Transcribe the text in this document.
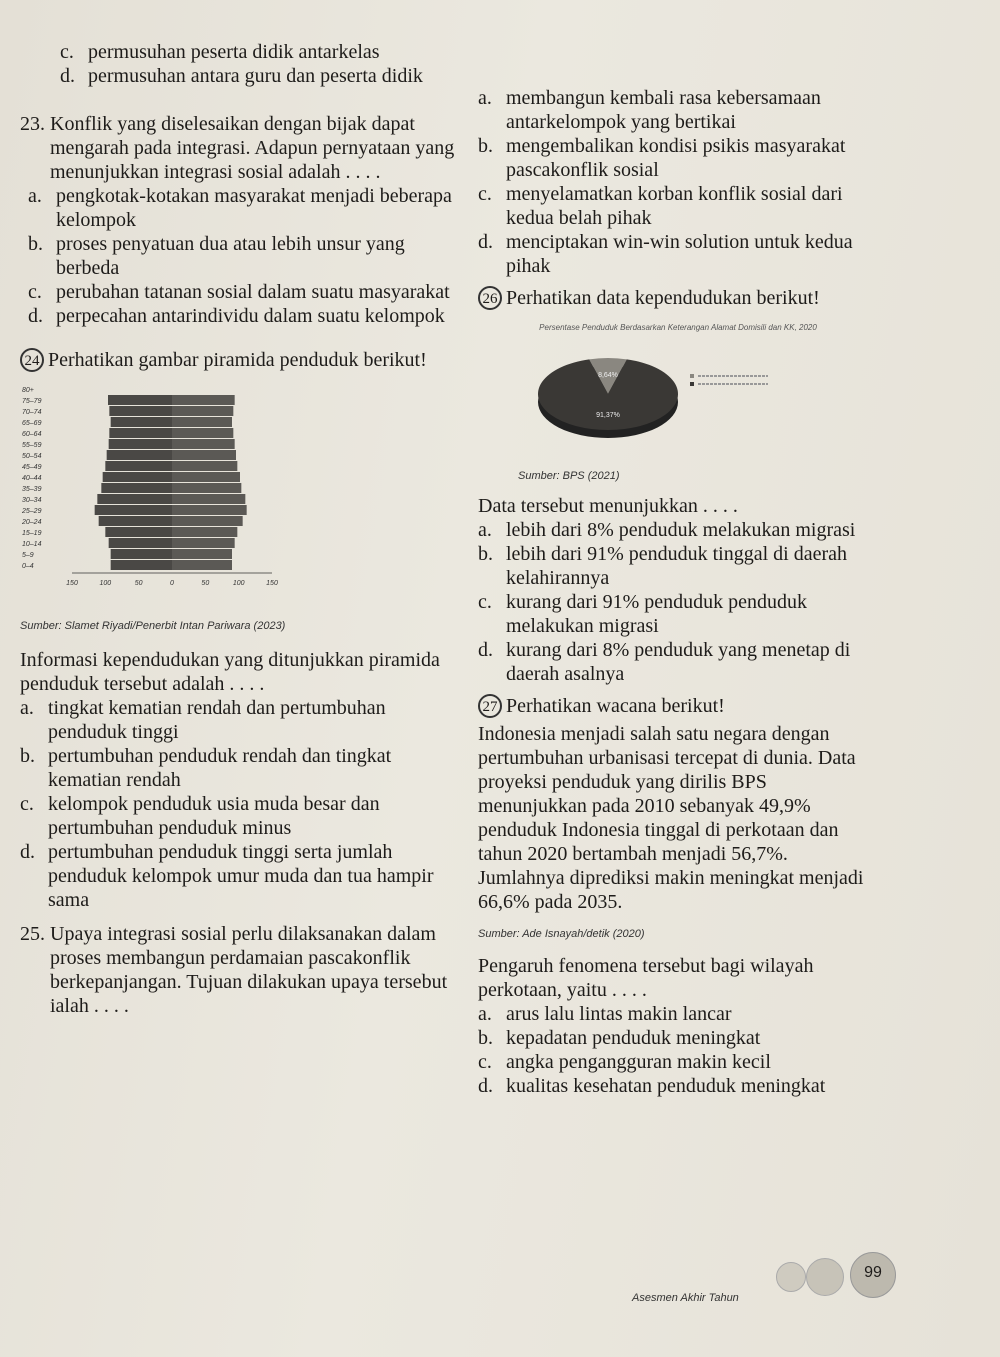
c. permusuhan peserta didik antarkelas
d. permusuhan antara guru dan peserta didik
23. Konflik yang diselesaikan dengan bijak dapat mengarah pada integrasi. Adapun pernyataan yang menunjukkan integrasi sosial adalah . . . .
a. pengkotak-kotakan masyarakat menjadi beberapa kelompok
b. proses penyatuan dua atau lebih unsur yang berbeda
c. perubahan tatanan sosial dalam suatu masyarakat
d. perpecahan antarindividu dalam suatu kelompok
24 Perhatikan gambar piramida penduduk berikut!
0–4
5–9
10–14
15–19
20–24
25–29
30–34
35–39
40–44
45–49
50–54
55–59
60–64
65–69
70–74
75–79
80+
150	100	50	0	50	100	150
Sumber: Slamet Riyadi/Penerbit Intan Pariwara (2023)

Informasi kependudukan yang ditunjukkan piramida penduduk tersebut adalah . . . .

a. tingkat kematian rendah dan pertumbuhan penduduk tinggi
b. pertumbuhan penduduk rendah dan tingkat kematian rendah
c. kelompok penduduk usia muda besar dan pertumbuhan penduduk minus
d. pertumbuhan penduduk tinggi serta jumlah penduduk kelompok umur muda dan tua hampir sama
25. Upaya integrasi sosial perlu dilaksanakan dalam proses membangun perdamaian pascakonflik berkepanjangan. Tujuan dilakukan upaya tersebut ialah . . . .
a. membangun kembali rasa kebersamaan antarkelompok yang bertikai
b. mengembalikan kondisi psikis masyarakat pascakonflik sosial
c. menyelamatkan korban konflik sosial dari kedua belah pihak
d. menciptakan win-win solution untuk kedua pihak
26 Perhatikan data kependudukan berikut!
Persentase Penduduk Berdasarkan Keterangan Alamat Domisili dan KK, 2020
8,64%
91,37%
Sumber: BPS (2021)

Data tersebut menunjukkan . . . .

a. lebih dari 8% penduduk melakukan migrasi
b. lebih dari 91% penduduk tinggal di daerah kelahirannya
c. kurang dari 91% penduduk penduduk melakukan migrasi
d. kurang dari 8% penduduk yang menetap di daerah asalnya
27 Perhatikan wacana berikut!

Indonesia menjadi salah satu negara dengan pertumbuhan urbanisasi tercepat di dunia. Data proyeksi penduduk yang dirilis BPS menunjukkan pada 2010 sebanyak 49,9% penduduk Indonesia tinggal di perkotaan dan tahun 2020 bertambah menjadi 56,7%. Jumlahnya diprediksi makin meningkat menjadi 66,6% pada 2035.

Sumber: Ade Isnayah/detik (2020)

Pengaruh fenomena tersebut bagi wilayah perkotaan, yaitu . . . .

a. arus lalu lintas makin lancar
b. kepadatan penduduk meningkat
c. angka pengangguran makin kecil
d. kualitas kesehatan penduduk meningkat
Asesmen Akhir Tahun
99
